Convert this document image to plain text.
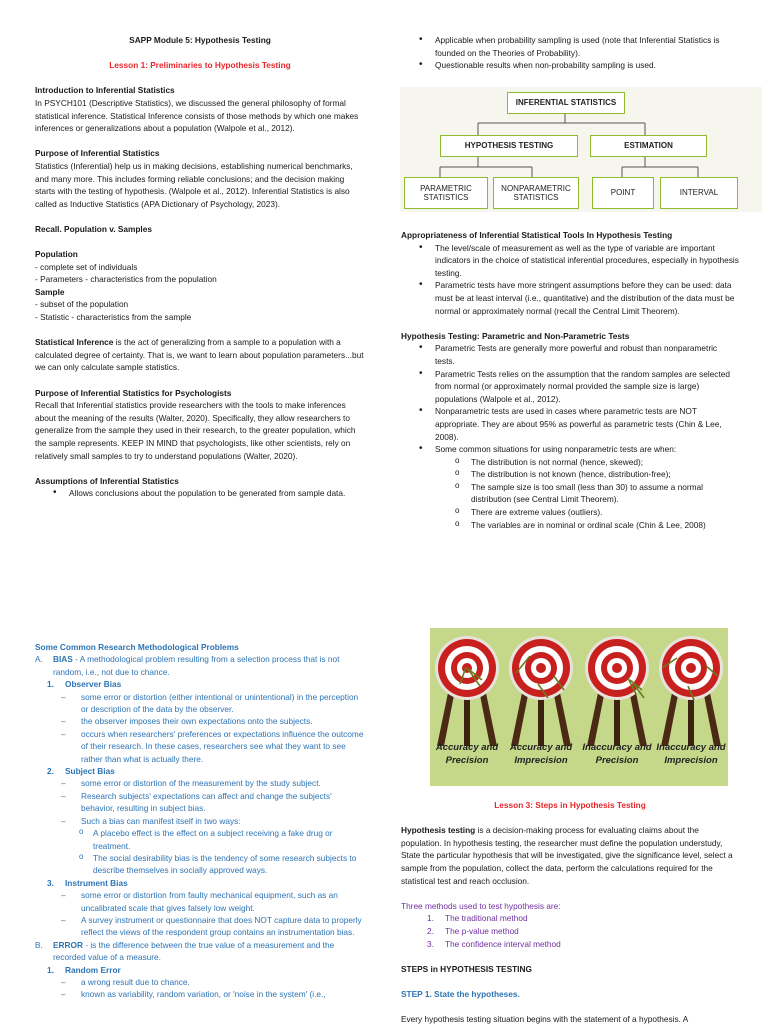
SAPP Module 5: Hypothesis Testing

Lesson 1: Preliminaries to Hypothesis Testing

Introduction to Inferential Statistics

In PSYCH101 (Descriptive Statistics), we discussed the general philosophy of formal statistical inference. Statistical Inference consists of those methods by which one makes inferences or generalizations about a population (Walpole et al., 2012).

Purpose of Inferential Statistics

Statistics (Inferential) help us in making decisions, establishing numerical benchmarks, and many more. This includes forming reliable conclusions; and the decision making starts with the testing of hypothesis. (Walpole et al., 2012). Inferential Statistics is also called as Inductive Statistics (APA Dictionary of Psychology, 2023).

Recall. Population v. Samples

Population

- complete set of individuals

- Parameters - characteristics from the population

Sample

- subset of the population

- Statistic - characteristics from the sample

Statistical Inference is the act of generalizing from a sample to a population with a calculated degree of certainty. That is, we want to learn about population parameters...but we can only calculate sample statistics.

Purpose of Inferential Statistics for Psychologists

Recall that Inferential statistics provide researchers with the tools to make inferences about the meaning of the results (Walter, 2020). Specifically, they allow researchers to generalize from the sample they used in their research, to the greater population, which the sample represents. KEEP IN MIND that psychologists, like other scientists, rely on relatively small samples to try to understand populations (Walter, 2020).

Assumptions of Inferential Statistics

• Allows conclusions about the population to be generated from sample data.
• Applicable when probability sampling is used (note that Inferential Statistics is founded on the Theories of Probability).
• Questionable results when non-probability sampling is used.
INFERENTIAL STATISTICS
HYPOTHESIS TESTING	ESTIMATION
PARAMETRIC STATISTICS
NONPARAMETRIC STATISTICS
POINT	INTERVAL

Appropriateness of Inferential Statistical Tools In Hypothesis Testing

• The level/scale of measurement as well as the type of variable are important indicators in the choice of statistical inferential procedures, especially in hypothesis testing.
• Parametric tests have more stringent assumptions before they can be used: data must be at least interval (i.e., quantitative) and the distribution of the data must be normal or approximately normal (recall the Central Limit Theorem).

Hypothesis Testing: Parametric and Non-Parametric Tests

• Parametric Tests are generally more powerful and robust than nonparametric tests.
• Parametric Tests relies on the assumption that the random samples are selected from normal (or approximately normal provided the sample size is large) populations (Walpole et al., 2012).
• Nonparametric tests are used in cases where parametric tests are NOT appropriate. They are about 95% as powerful as parametric tests (Chin & Lee, 2008).
• Some common situations for using nonparametric tests are when:
o The distribution is not normal (hence, skewed);
o The distribution is not known (hence, distribution-free);
o The sample size is too small (less than 30) to assume a normal distribution (see Central Limit Theorem).
o There are extreme values (outliers).
o The variables are in nominal or ordinal scale (Chin & Lee, 2008)

Some Common Research Methodological Problems

A. BIAS - A methodological problem resulting from a selection process that is not random, i.e., not due to chance.

1. Observer Bias

– some error or distortion (either intentional or unintentional) in the perception or description of the data by the observer.
– the observer imposes their own expectations onto the subjects.
– occurs when researchers' preferences or expectations influence the outcome of their research. In these cases, researchers see what they want to see rather than what is actually there.

2. Subject Bias

– some error or distortion of the measurement by the study subject.
– Research subjects' expectations can affect and change the subjects' behavior, resulting in subject bias.
– Such a bias can manifest itself in two ways:
o A placebo effect is the effect on a subject receiving a fake drug or treatment.
o The social desirability bias is the tendency of some research subjects to describe themselves in socially approved ways.

3. Instrument Bias

– some error or distortion from faulty mechanical equipment, such as an uncalibrated scale that gives falsely low weight.
– A survey instrument or questionnaire that does NOT capture data to properly reflect the views of the respondent group contains an instrumentation bias.

B. ERROR - is the difference between the true value of a measurement and the recorded value of a measure.

1. Random Error

– a wrong result due to chance.
– known as variability, random variation, or 'noise in the system' (i.e.,
Accuracy and Precision
Accuracy and Imprecision
Inaccuracy and Precision
Inaccuracy and Imprecision

Lesson 3: Steps in Hypothesis Testing

Hypothesis testing is a decision-making process for evaluating claims about the population. In hypothesis testing, the researcher must define the population understudy, State the particular hypothesis that will be investigated, give the significance level, select a sample from the population, collect the data, perform the calculations required for the statistical test and reach occlusion.

Three methods used to test hypothesis are:

1. The traditional method
2. The p-value method
3. The confidence interval method

STEPS in HYPOTHESIS TESTING

STEP 1. State the hypotheses.

Every hypothesis testing situation begins with the statement of a hypothesis. A
